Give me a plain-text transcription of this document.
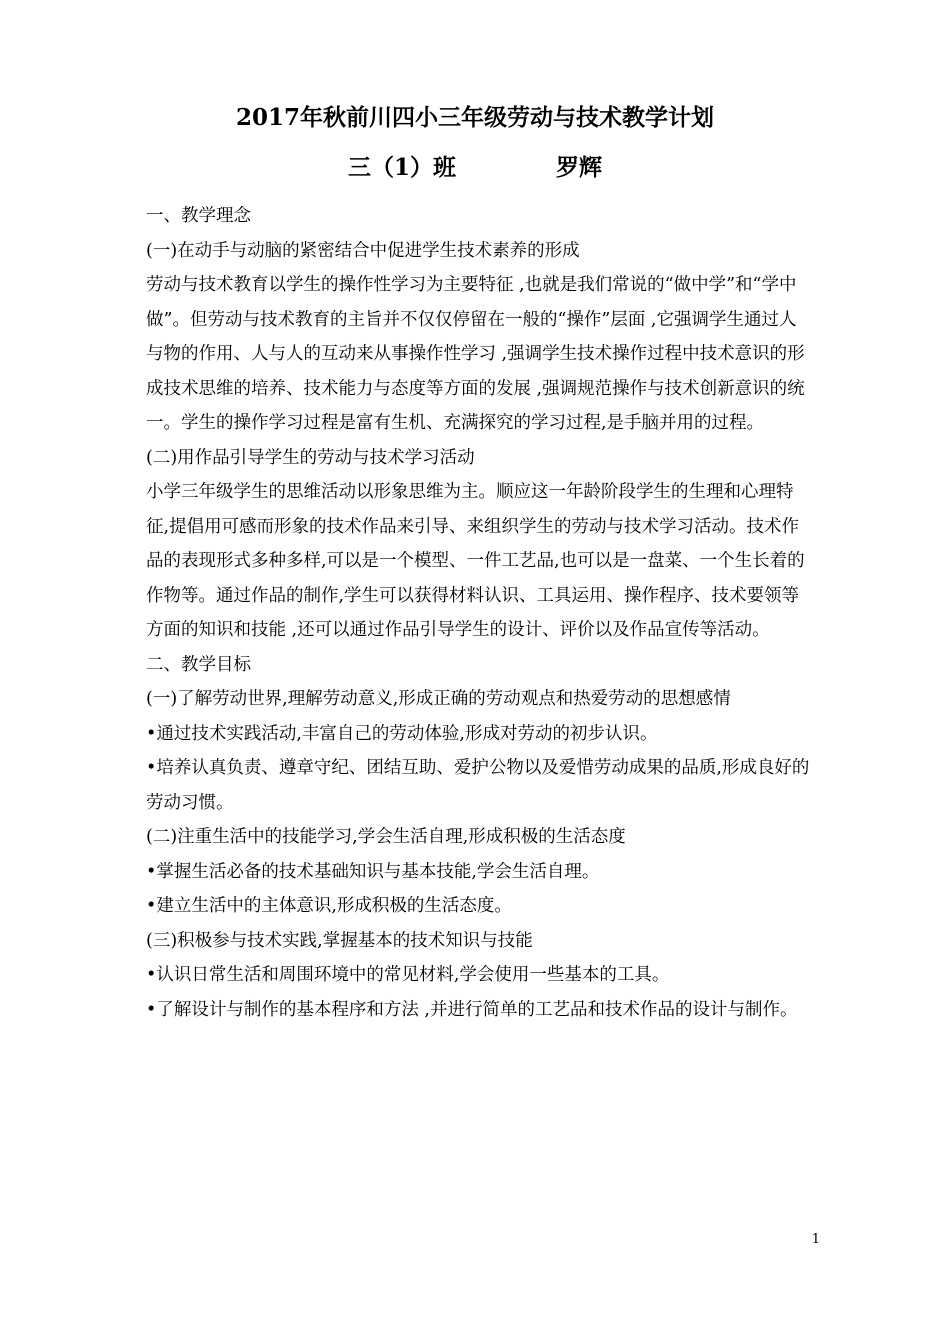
2017年秋前川四小三年级劳动与技术教学计划
三（1）班	罗辉

一、教学理念

(一)在动手与动脑的紧密结合中促进学生技术素养的形成

劳动与技术教育以学生的操作性学习为主要特征 ,也就是我们常说的“做中学”和“学中做”。但劳动与技术教育的主旨并不仅仅停留在一般的“操作”层面 ,它强调学生通过人与物的作用、人与人的互动来从事操作性学习 ,强调学生技术操作过程中技术意识的形成技术思维的培养、技术能力与态度等方面的发展 ,强调规范操作与技术创新意识的统一。学生的操作学习过程是富有生机、充满探究的学习过程,是手脑并用的过程。

(二)用作品引导学生的劳动与技术学习活动

小学三年级学生的思维活动以形象思维为主。顺应这一年龄阶段学生的生理和心理特征,提倡用可感而形象的技术作品来引导、来组织学生的劳动与技术学习活动。技术作品的表现形式多种多样,可以是一个模型、一件工艺品,也可以是一盘菜、一个生长着的作物等。通过作品的制作,学生可以获得材料认识、工具运用、操作程序、技术要领等方面的知识和技能 ,还可以通过作品引导学生的设计、评价以及作品宣传等活动。

二、教学目标

(一)了解劳动世界,理解劳动意义,形成正确的劳动观点和热爱劳动的思想感情

•通过技术实践活动,丰富自己的劳动体验,形成对劳动的初步认识。

•培养认真负责、遵章守纪、团结互助、爱护公物以及爱惜劳动成果的品质,形成良好的劳动习惯。

(二)注重生活中的技能学习,学会生活自理,形成积极的生活态度

•掌握生活必备的技术基础知识与基本技能,学会生活自理。

•建立生活中的主体意识,形成积极的生活态度。

(三)积极参与技术实践,掌握基本的技术知识与技能

•认识日常生活和周围环境中的常见材料,学会使用一些基本的工具。

•了解设计与制作的基本程序和方法 ,并进行简单的工艺品和技术作品的设计与制作。

1
